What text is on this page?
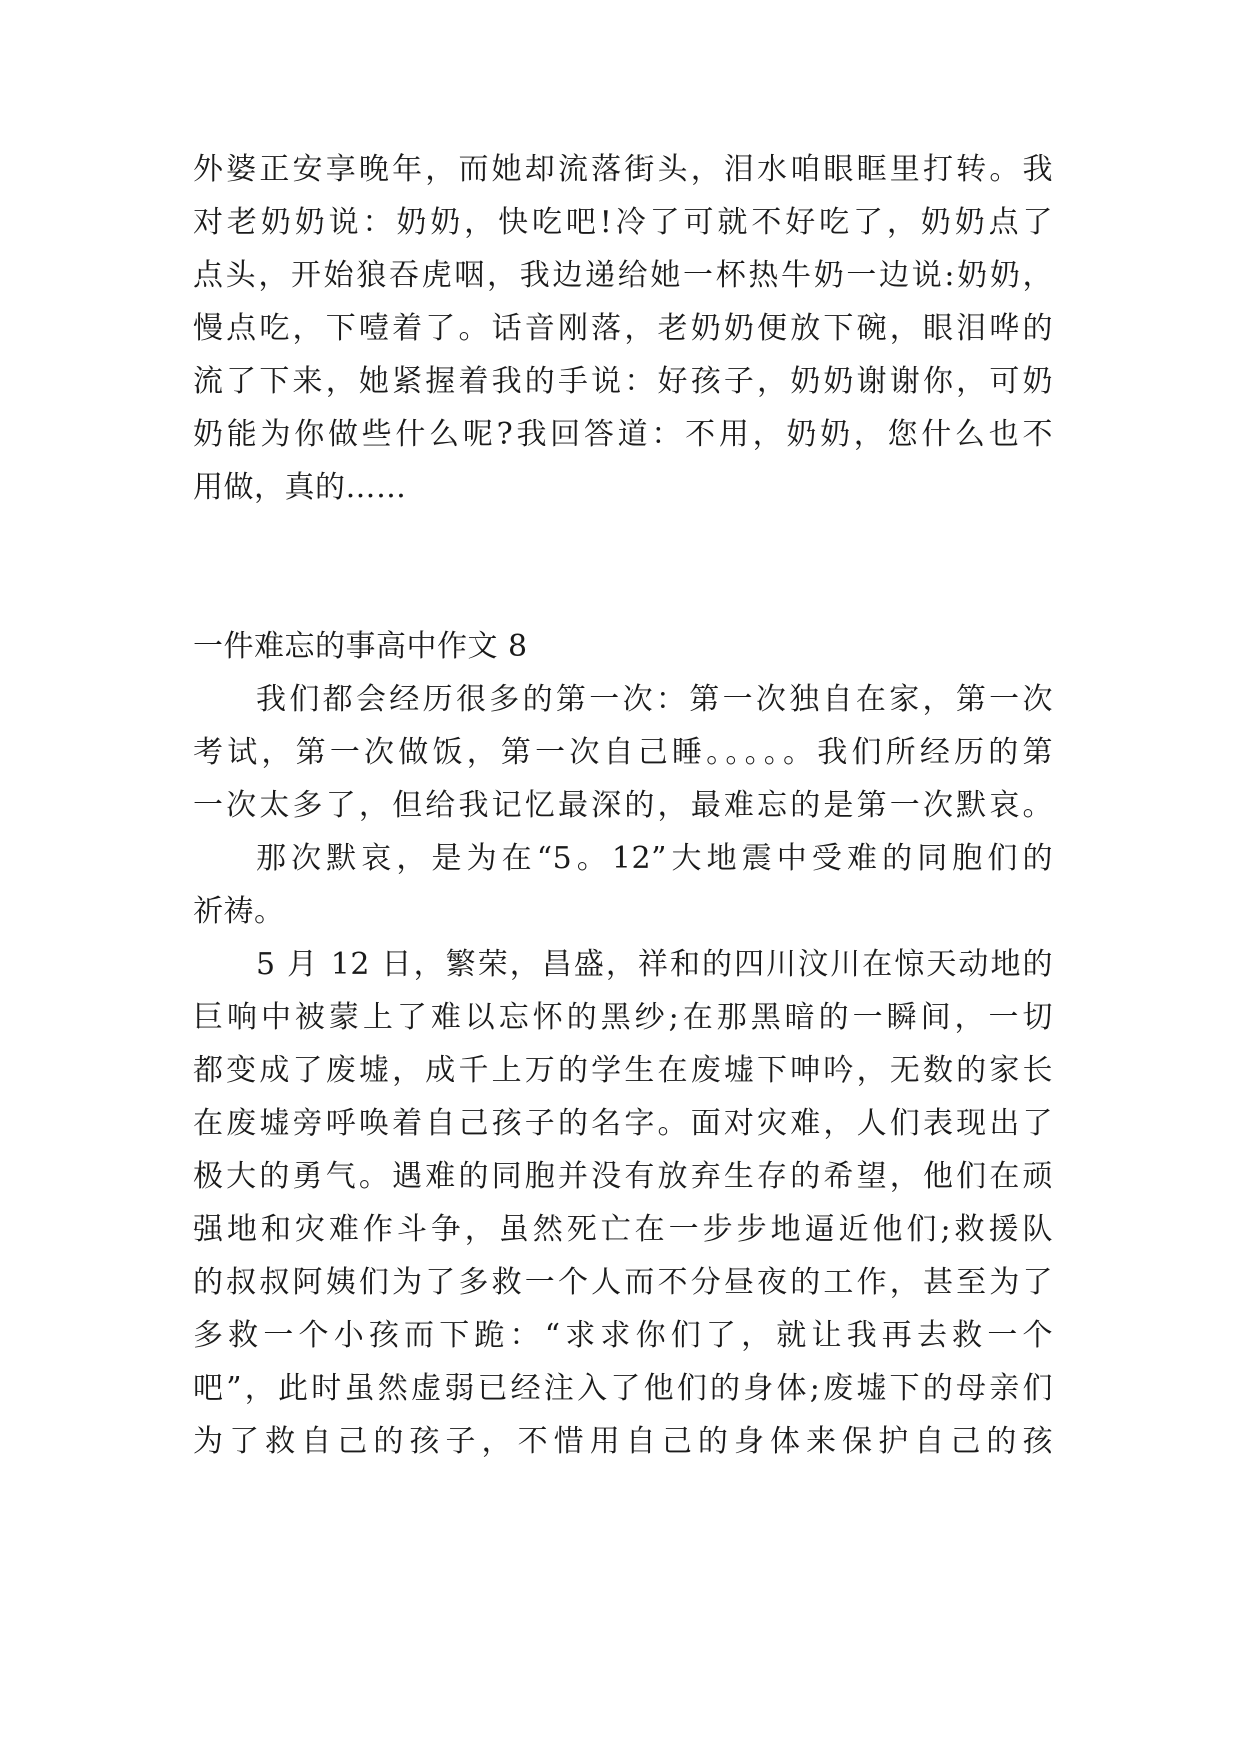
外婆正安享晚年，而她却流落街头，泪水咱眼眶里打转。我
对老奶奶说：奶奶，快吃吧!冷了可就不好吃了，奶奶点了
点头，开始狼吞虎咽，我边递给她一杯热牛奶一边说:奶奶，
慢点吃，下噎着了。话音刚落，老奶奶便放下碗，眼泪哗的
流了下来，她紧握着我的手说：好孩子，奶奶谢谢你，可奶
奶能为你做些什么呢?我回答道：不用，奶奶，您什么也不
用做，真的……
一件难忘的事高中作文 8
我们都会经历很多的第一次：第一次独自在家，第一次
考试，第一次做饭，第一次自己睡。。。。。我们所经历的第
一次太多了，但给我记忆最深的，最难忘的是第一次默哀。
那次默哀，是为在“5。12”大地震中受难的同胞们的
祈祷。
5 月 12 日，繁荣，昌盛，祥和的四川汶川在惊天动地的
巨响中被蒙上了难以忘怀的黑纱;在那黑暗的一瞬间，一切
都变成了废墟，成千上万的学生在废墟下呻吟，无数的家长
在废墟旁呼唤着自己孩子的名字。面对灾难，人们表现出了
极大的勇气。遇难的同胞并没有放弃生存的希望，他们在顽
强地和灾难作斗争，虽然死亡在一步步地逼近他们;救援队
的叔叔阿姨们为了多救一个人而不分昼夜的工作，甚至为了
多救一个小孩而下跪：“求求你们了，就让我再去救一个
吧”，此时虽然虚弱已经注入了他们的身体;废墟下的母亲们
为了救自己的孩子，不惜用自己的身体来保护自己的孩
